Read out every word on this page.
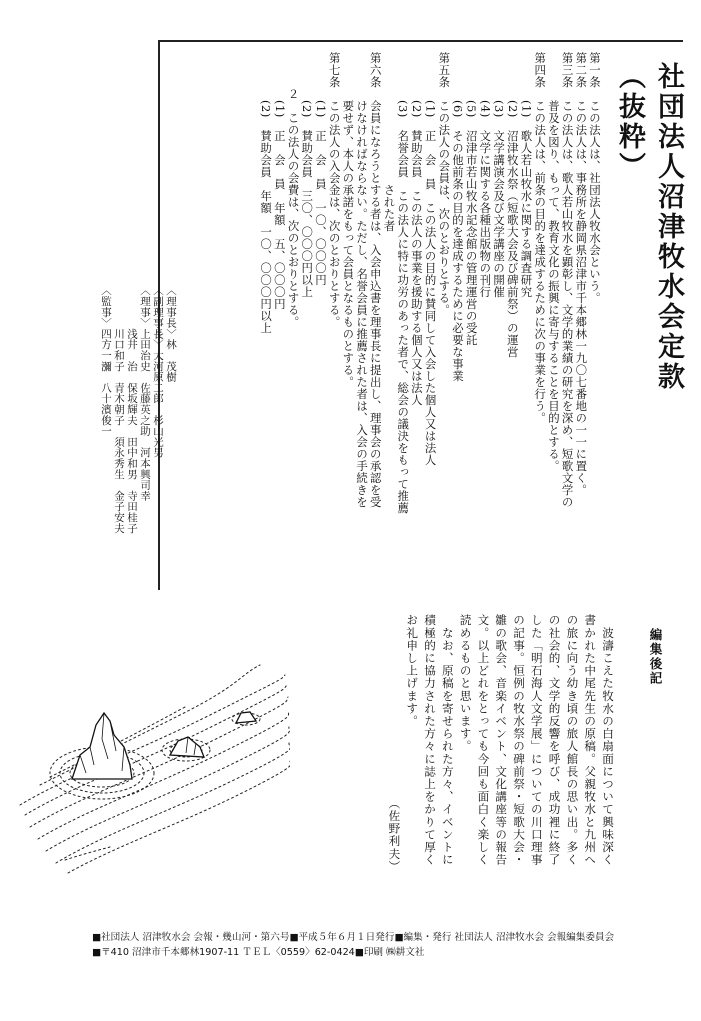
社団法人沼津牧水会定款（抜粋）
第一条　この法人は、社団法人牧水会という。
第二条　この法人は、事務所を静岡県沼津市千本郷林一九〇七番地の一一に置く。
第三条　この法人は、歌人若山牧水を顕彰し、文学的業績の研究を深め、短歌文学の
　　　　普及を図り、もって、教育文化の振興に寄与することを目的とする。
第四条　この法人は、前条の目的を達成するために次の事業を行う。
　　　　(1)　歌人若山牧水に関する調査研究
　　　　(2)　沼津牧水祭（短歌大会及び碑前祭）の運営
　　　　(3)　文学講演会及び文学講座の開催
　　　　(4)　文学に関する各種出版物の刊行
　　　　(5)　沼津市若山牧水記念館の管理運営の受託
　　　　(6)　その他前条の目的を達成するために必要な事業
第五条　この法人の会員は、次のとおりとする。
　　　　(1)　正　会　員　この法人の目的に賛同して入会した個人又は法人
　　　　(2)　賛助会員　この法人の事業を援助する個人又は法人
　　　　(3)　名誉会員　この法人に特に功労のあった者で、総会の議決をもって推薦
　　　　　　　　　　　された者
第六条　会員になろうとする者は、入会申込書を理事長に提出し、理事会の承認を受
　　　　けなければならない。ただし、名誉会員に推薦された者は、入会の手続きを
　　　　要せず、本人の承諾をもって会員となるものとする。
第七条　この法人の入会金は、次のとおりとする。
　　　　(1)　正　会　員　一〇、〇〇〇円
　　　　(2)　賛助会員　三〇、〇〇〇円以上
　　　２　この法人の会費は、次のとおりとする。
　　　　(1)　正　会　員　年額　五、〇〇〇円
　　　　(2)　賛助会員　年額　一〇、〇〇〇円以上
〈理事長〉林　茂樹
〈副理事長〉大河原二郎　杉山光男
〈理事〉上田治史　佐藤英之助　河本興司幸
　　　　浅井　治　保坂輝夫　田中和男　寺田桂子
　　　　川口和子　青木朝子　須永秀生　金子安夫
〈監事〉四方一瀰　八十濱俊一
編集後記
　波濤こえた牧水の白扇面について興味深く
書かれた中尾先生の原稿。父親牧水と九州へ
の旅に向う幼き頃の旅人館長の思い出。多く
の社会的、文学的反響を呼び、成功裡に終了
した「明石海人文学展」についての川口理事
の記事。恒例の牧水祭の碑前祭・短歌大会・
雛の歌会、音楽イベント、文化講座等の報告
文。以上どれをとっても今回も面白く楽しく
読めるものと思います。
　なお、原稿を寄せられた方々、イベントに
積極的に協力された方々に誌上をかりて厚く
お礼申し上げます。
　　　　　　　　　　　　　　　（佐野利夫）
■社団法人 沼津牧水会 会報・幾山河・第六号■平成５年６月１日発行■編集・発行 社団法人 沼津牧水会 会報編集委員会
■〒410 沼津市千本郷林1907-11 ＴＥＬ〈0559〉62-0424■印刷 ㈱耕文社
